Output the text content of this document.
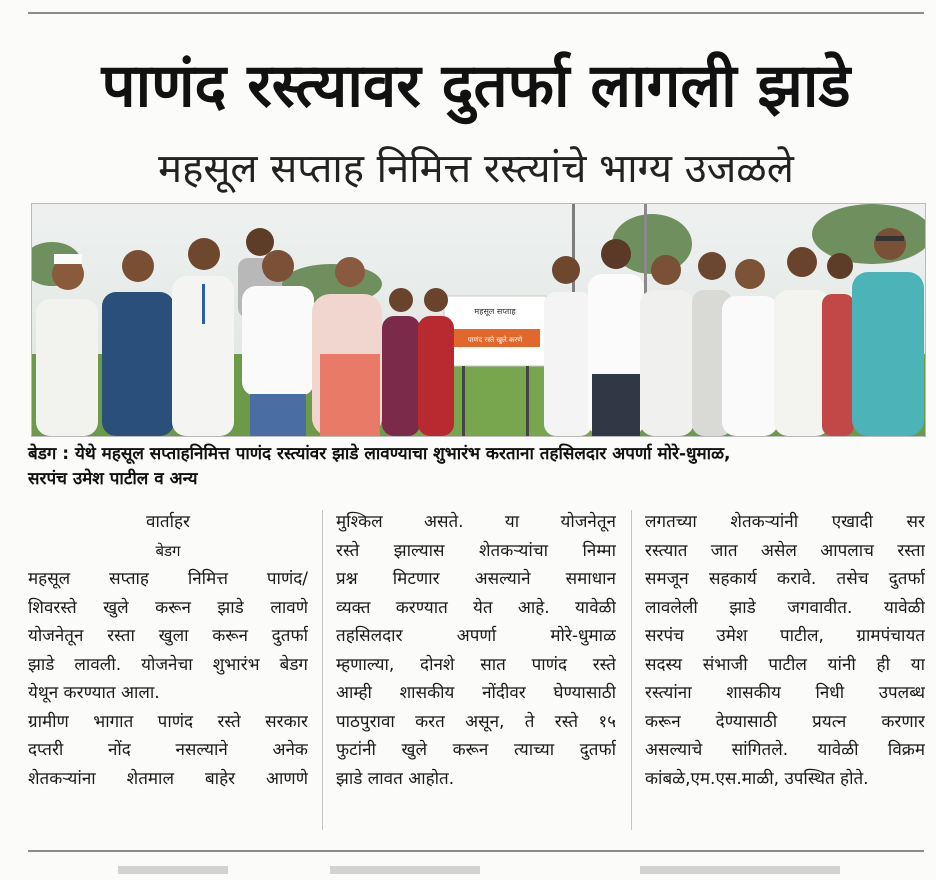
पाणंद रस्त्यावर दुतर्फा लागली झाडे
महसूल सप्ताह निमित्त रस्त्यांचे भाग्य उजळले
महसूल सप्ताह
पाणंद रस्ते खुले करणे

बेडग : येथे महसूल सप्ताहनिमित्त पाणंद रस्त्यांवर झाडे लावण्याचा शुभारंभ करताना तहसिलदार अपर्णा मोरे-धुमाळ,
सरपंच उमेश पाटील व अन्य

वार्ताहर
बेडग
महसूल सप्ताह निमित्त पाणंद/
शिवरस्ते खुले करून झाडे लावणे
योजनेतून रस्ता खुला करून दुतर्फा
झाडे लावली. योजनेचा शुभारंभ बेडग
येथून करण्यात आला.
ग्रामीण भागात पाणंद रस्ते सरकार
दप्तरी नोंद नसल्याने अनेक
शेतकऱ्यांना शेतमाल बाहेर आणणे
मुश्किल असते. या योजनेतून
रस्ते झाल्यास शेतकऱ्यांचा निम्मा
प्रश्न मिटणार असल्याने समाधान
व्यक्त करण्यात येत आहे. यावेळी
तहसिलदार अपर्णा मोरे-धुमाळ
म्हणाल्या, दोनशे सात पाणंद रस्ते
आम्ही शासकीय नोंदीवर घेण्यासाठी
पाठपुरावा करत असून, ते रस्ते १५
फुटांनी खुले करून त्याच्या दुतर्फा
झाडे लावत आहोत.
लगतच्या शेतकऱ्यांनी एखादी सर
रस्त्यात जात असेल आपलाच रस्ता
समजून सहकार्य करावे. तसेच दुतर्फा
लावलेली झाडे जगवावीत. यावेळी
सरपंच उमेश पाटील, ग्रामपंचायत
सदस्य संभाजी पाटील यांनी ही या
रस्त्यांना शासकीय निधी उपलब्ध
करून देण्यासाठी प्रयत्न करणार
असल्याचे सांगितले. यावेळी विक्रम
कांबळे,एम.एस.माळी, उपस्थित होते.
